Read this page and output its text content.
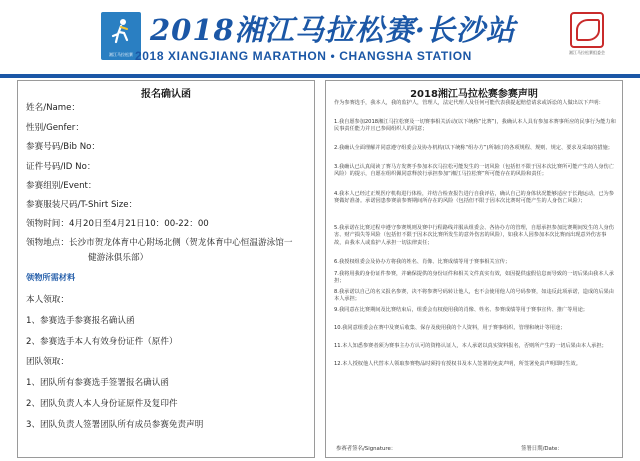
湘江马拉松赛
2018湘江马拉松赛·长沙站
2018 XIANGJIANG MARATHON • CHANGSHA STATION	湘江马拉松赛组委会
报名确认函
姓名/Name：
性别/Genfer：
参赛号码/Bib No：
证件号码/ID No：
参赛组别/Event：
参赛服装尺码/T-Shirt Size：
领物时间：4月20日至4月21日10：00-22：00
领物地点：长沙市贺龙体育中心附场北侧（贺龙体育中心恒温游泳馆一
健游泳俱乐部）
领物所需材料
本人领取：
1、参赛选手参赛报名确认函
2、参赛选手本人有效身份证件（原件）
团队领取：
1、团队所有参赛选手签署报名确认函
2、团队负责人本人身份证原件及复印件
3、团队负责人签署团队所有成员参赛免责声明
2018湘江马拉松赛参赛声明
作为参赛选手，我本人，我的监护人，管理人，法定代理人及任何可能代表我提起赔偿请求或诉讼的人做出以下声明：
1.我自愿参加2018湘江马拉松赛及一切赛事相关活动(以下统称“比赛”)，我确认本人具有参加本赛事所应的民事行为能力和民事责任能力并且已参阅组织人的同意；
2.我确认全面理解并同意遵守组委会及协办机构(以下统称“组办方”)所制订的各项规程、规则、规定、要求及采取的措施；
3.我确认已认真阅读了赛马方发赛手参加本次马拉松可能发生的一切风险（包括但不限于因本次比赛所可能产生的人身伤亡风险）的提示，自愿在组织佩同意释放行承担参加“湘江马拉松赛”所可能存在的风险和责任；
4.我本人已经过正规医疗机构进行体检，并结合检查报告进行自我评估，确认自己的身体状况能够适应于长跑运动，已为参赛做好准备。承诺因患参赛前参赛期间所存在的风险（包括但不限于因本次比赛时可能产生的人身伤亡风险）；
5.我承诺在比赛过程中遵守参赛规则及赛中行程路线并服从组委会、各协办方的管理，自愿承担参加比赛期间发生的人身伤害、财产损失等风险（包括但不限于因本次比赛所发生的意外伤害的风险），如我本人因参加本次比赛而出现意外伤害事故，由我本人或监护人承担一切法律责任；
6.我授权组委会及协办方将我的姓名、肖像、比赛成绩等用于赛事相关宣传；
7.我将用我的身份证件参赛，并确保提供的身份证件和相关文件真实有效，如因提供虚假信息而导致的一切后果由我本人承担；
8.我承诺以自己的名义报名参赛，决不将参赛号码转让他人，也不会使用他人的号码参赛，如违反此项承诺，造成的后果由本人承担；
9.我同意在比赛期间及比赛结束后，组委会有权使用我的肖像、姓名、参赛成绩等用于赛事宣传、推广等用途；
10.我同意组委会在赛中及赛后收集、保存及使用我的个人资料，用于赛事组织、管理和统计等用途；
11.本人知悉参赛者须为赛事主办方认可的资格认证人，本人承诺以真实资料报名，否则所产生的一切后果由本人承担；
12.本人授权他人代替本人领取参赛物品时须持有授权书及本人签署的免责声明，所签署免责声明即时生效。
参赛者签名/Signature：	签署日期/Date：
